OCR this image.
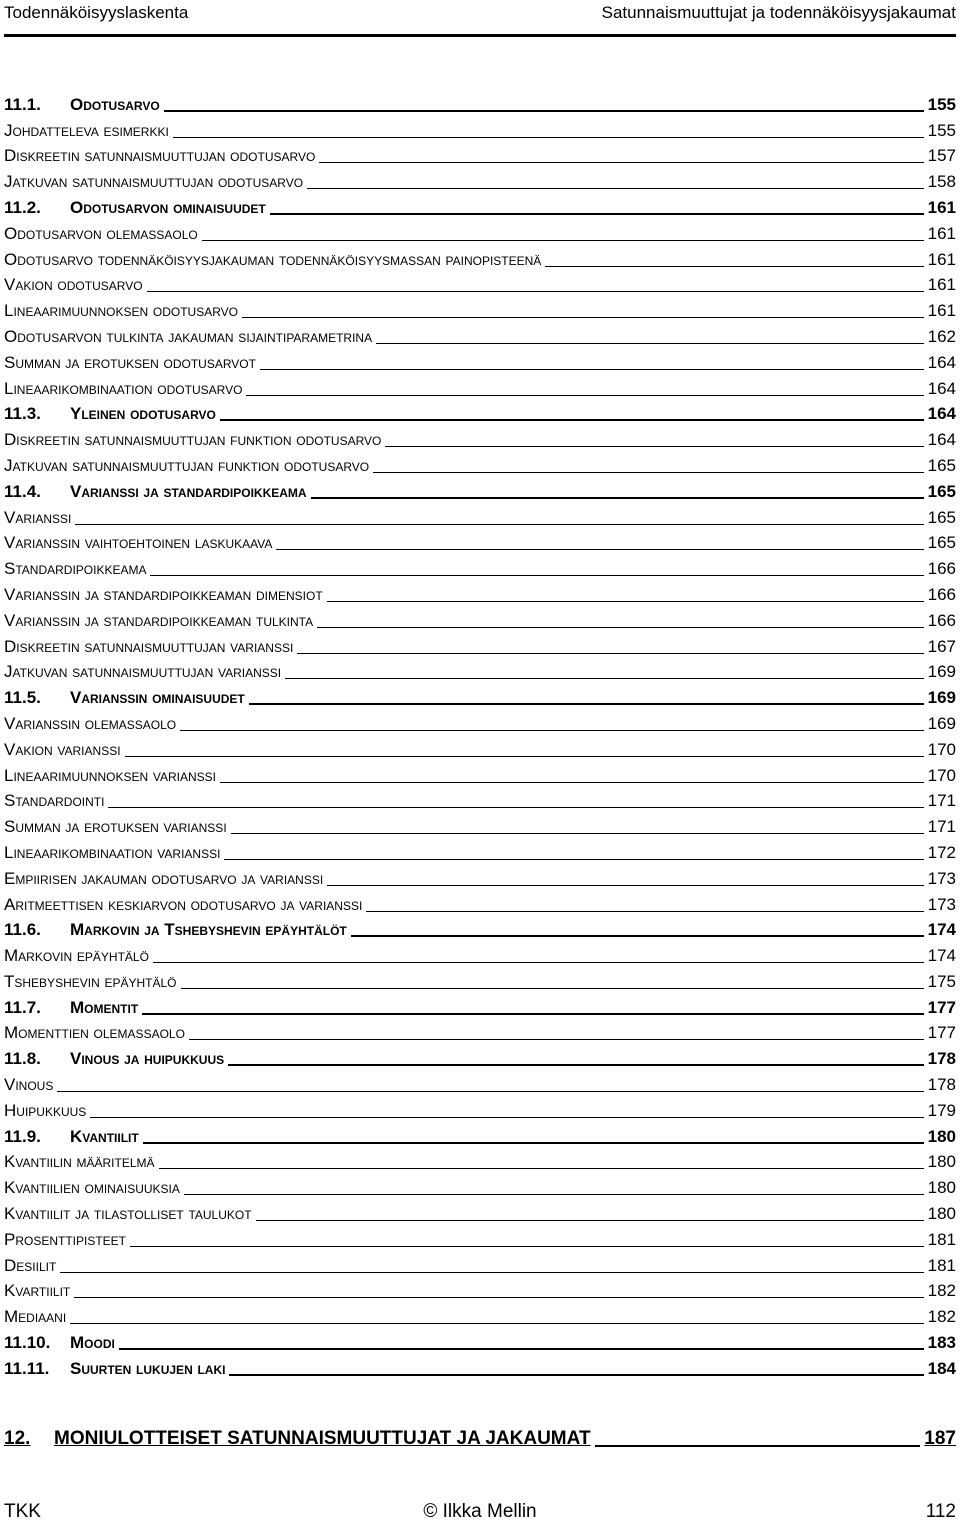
Todennäköisyyslaskenta	Satunnaismuuttujat ja todennäköisyysjakaumat
11.1. Odotusarvo	155
Johdatteleva esimerkki	155
Diskreetin satunnaismuuttujan odotusarvo	157
Jatkuvan satunnaismuuttujan odotusarvo	158
11.2. Odotusarvon ominaisuudet	161
Odotusarvon olemassaolo	161
Odotusarvo todennäköisyysjakauman todennäköisyysmassan painopisteenä	161
Vakion odotusarvo	161
Lineaarimuunnoksen odotusarvo	161
Odotusarvon tulkinta jakauman sijaintiparametrina	162
Summan ja erotuksen odotusarvot	164
Lineaarikombinaation odotusarvo	164
11.3. Yleinen odotusarvo	164
Diskreetin satunnaismuuttujan funktion odotusarvo	164
Jatkuvan satunnaismuuttujan funktion odotusarvo	165
11.4. Varianssi ja standardipoikkeama	165
Varianssi	165
Varianssin vaihtoehtoinen laskukaava	165
Standardipoikkeama	166
Varianssin ja standardipoikkeaman dimensiot	166
Varianssin ja standardipoikkeaman tulkinta	166
Diskreetin satunnaismuuttujan varianssi	167
Jatkuvan satunnaismuuttujan varianssi	169
11.5. Varianssin ominaisuudet	169
Varianssin olemassaolo	169
Vakion varianssi	170
Lineaarimuunnoksen varianssi	170
Standardointi	171
Summan ja erotuksen varianssi	171
Lineaarikombinaation varianssi	172
Empiirisen jakauman odotusarvo ja varianssi	173
Aritmeettisen keskiarvon odotusarvo ja varianssi	173
11.6. Markovin ja Tshebyshevin epäyhtälöt	174
Markovin epäyhtälö	174
Tshebyshevin epäyhtälö	175
11.7. Momentit	177
Momenttien olemassaolo	177
11.8. Vinous ja huipukkuus	178
Vinous	178
Huipukkuus	179
11.9. Kvantiilit	180
Kvantiilin määritelmä	180
Kvantiilien ominaisuuksia	180
Kvantiilit ja tilastolliset taulukot	180
Prosenttipisteet	181
Desiilit	181
Kvartiilit	182
Mediaani	182
11.10. Moodi	183
11.11. Suurten lukujen laki	184
12.	MONIULOTTEISET SATUNNAISMUUTTUJAT JA JAKAUMAT	187
TKK	© Ilkka Mellin	112
